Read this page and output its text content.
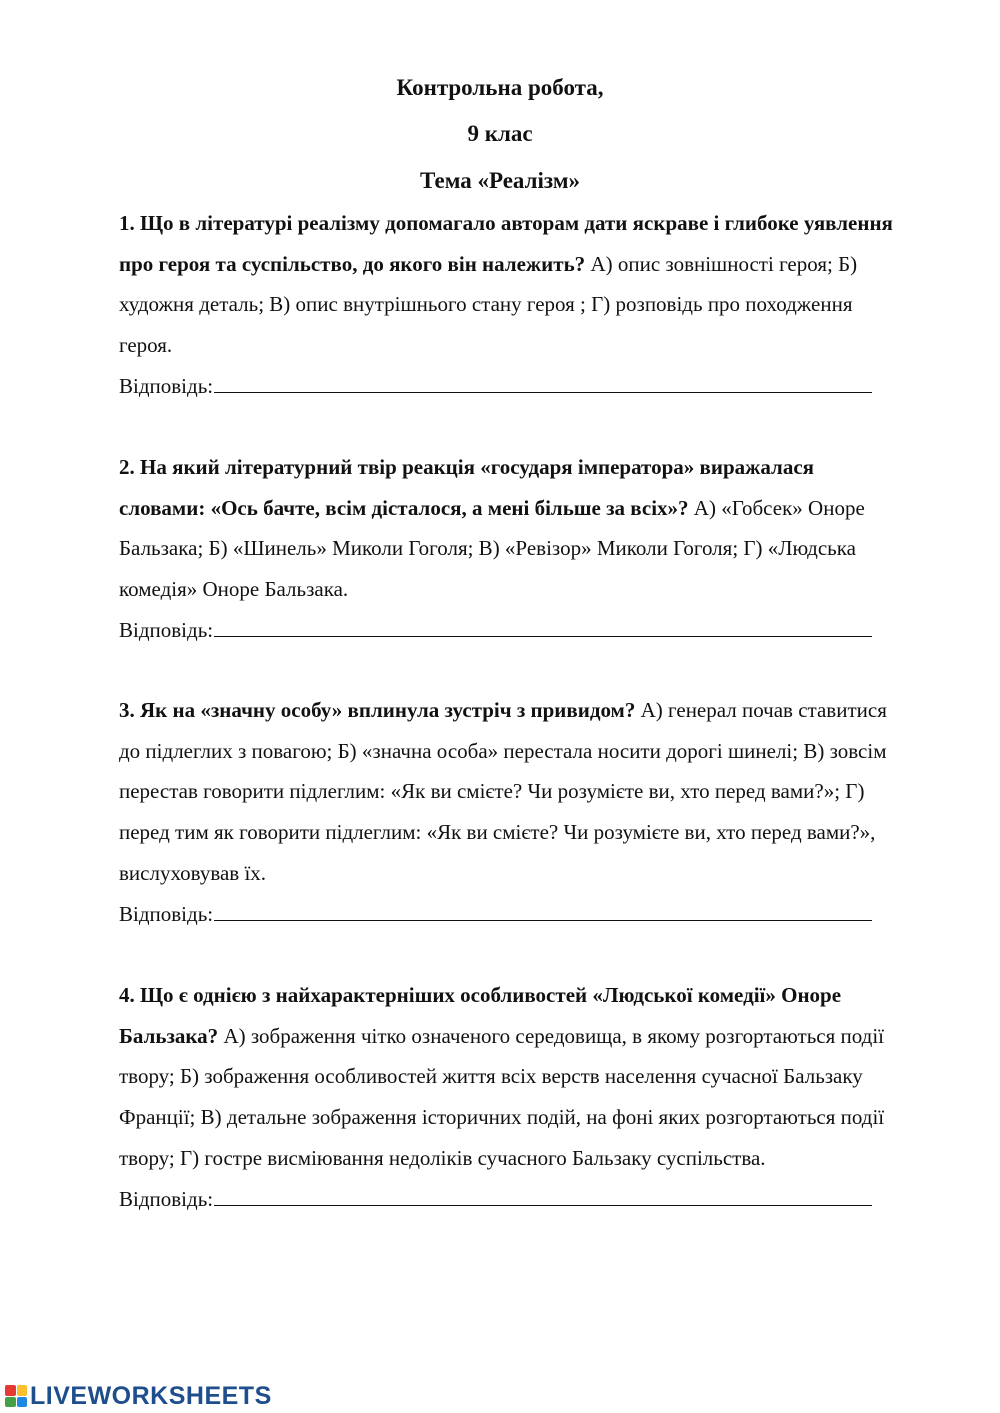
Контрольна робота,
9 клас
Тема «Реалізм»
1. Що в літературі реалізму допомагало авторам дати яскраве і глибоке уявлення про героя та суспільство, до якого він належить? А) опис зовнішності героя; Б) художня деталь; В) опис внутрішнього стану героя ; Г) розповідь про походження героя.
Відповідь:
2. На який літературний твір реакція «государя імператора» виражалася словами: «Ось бачте, всім дісталося, а мені більше за всіх»? А) «Гобсек» Оноре Бальзака; Б) «Шинель» Миколи Гоголя; В) «Ревізор» Миколи Гоголя; Г) «Людська комедія» Оноре Бальзака.
Відповідь:
3. Як на «значну особу» вплинула зустріч з привидом? А) генерал почав ставитися до підлеглих з повагою; Б) «значна особа» перестала носити дорогі шинелі; В) зовсім перестав говорити підлеглим: «Як ви смієте? Чи розумієте ви, хто перед вами?»; Г) перед тим як говорити підлеглим: «Як ви смієте? Чи розумієте ви, хто перед вами?», вислуховував їх.
Відповідь:
4. Що є однією з найхарактерніших особливостей «Людської комедії» Оноре Бальзака? А) зображення чітко означеного середовища, в якому розгортаються події твору; Б) зображення особливостей життя всіх верств населення сучасної Бальзаку Франції; В) детальне зображення історичних подій, на фоні яких розгортаються події твору; Г) гостре висміювання недоліків сучасного Бальзаку суспільства.
Відповідь:
LIVEWORKSHEETS
